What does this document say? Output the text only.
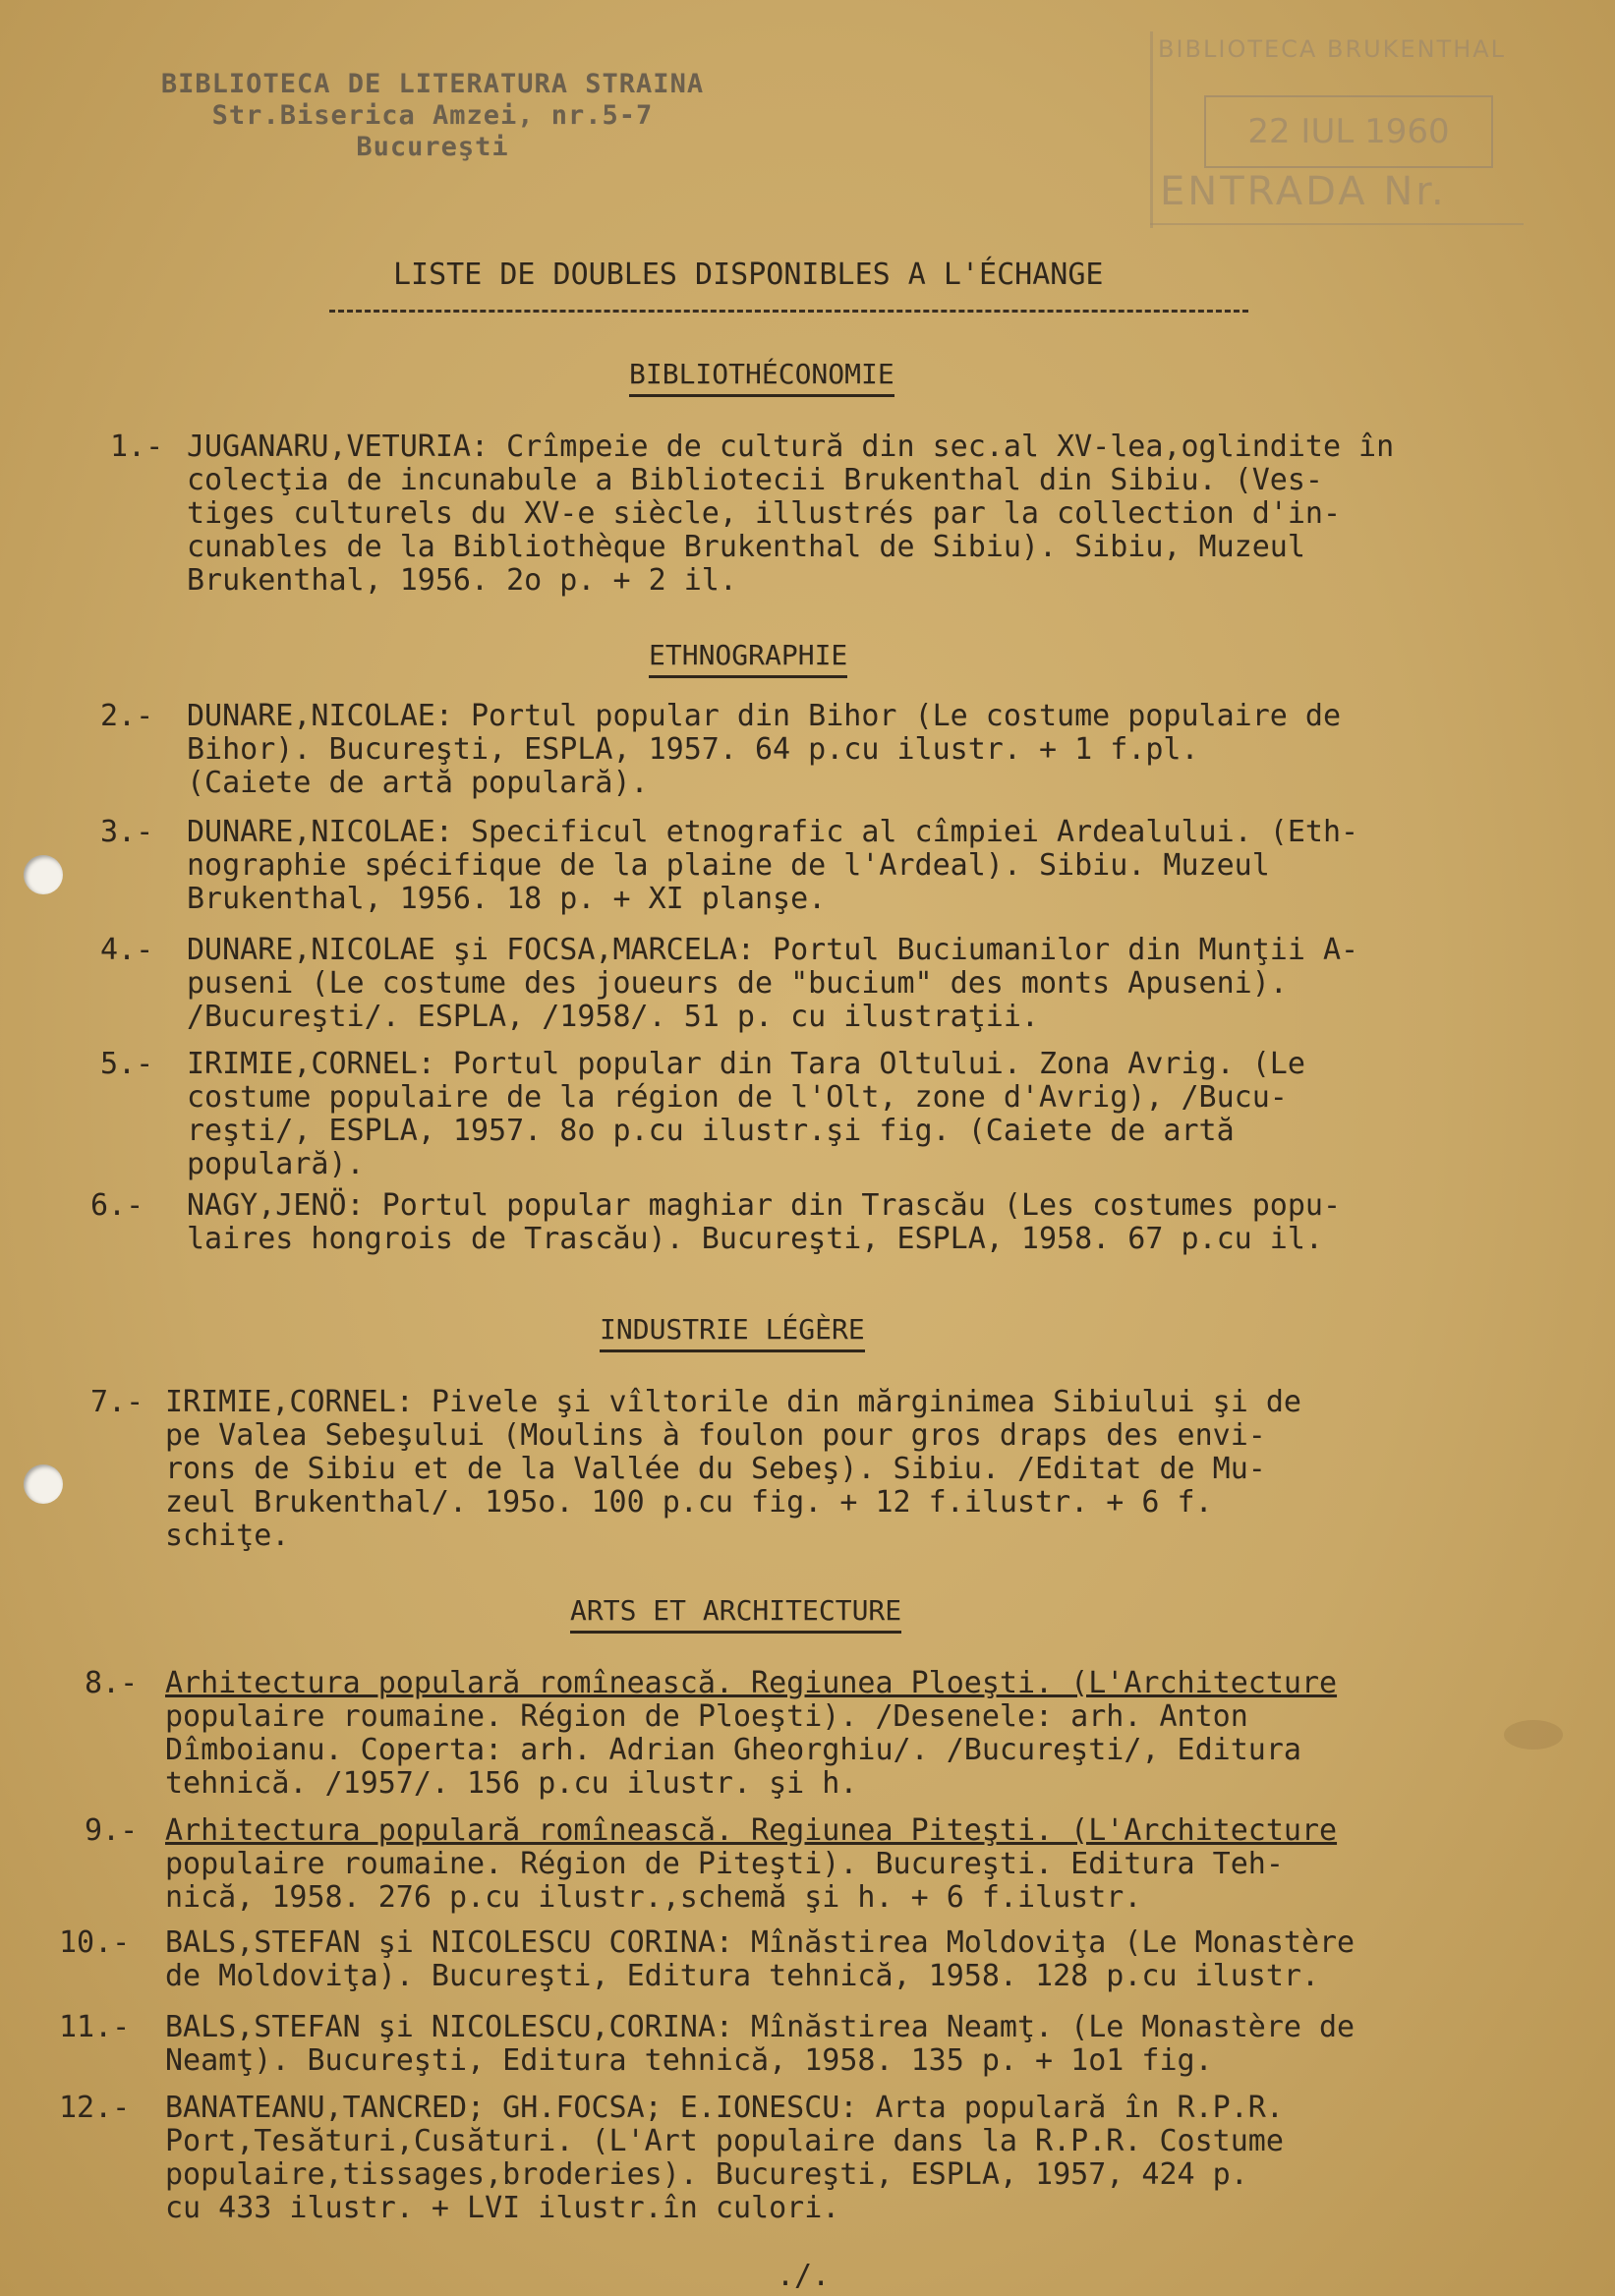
BIBLIOTECA DE LITERATURA STRAINA
Str.Biserica Amzei, nr.5-7
Bucureşti
BIBLIOTECA BRUKENTHAL
22 IUL 1960
ENTRADA Nr.
LISTE DE DOUBLES DISPONIBLES A L'ÉCHANGE
BIBLIOTHÉCONOMIE
ETHNOGRAPHIE
INDUSTRIE LÉGÈRE
ARTS ET ARCHITECTURE
1.- JUGANARU,VETURIA: Crîmpeie de cultură din sec.al XV-lea,oglindite în
colecţia de incunabule a Bibliotecii Brukenthal din Sibiu. (Ves-
tiges culturels du XV-e siècle, illustrés par la collection d'in-
cunables de la Bibliothèque Brukenthal de Sibiu). Sibiu, Muzeul
Brukenthal, 1956. 2o p. + 2 il.
2.- DUNARE,NICOLAE: Portul popular din Bihor (Le costume populaire de
Bihor). Bucureşti, ESPLA, 1957. 64 p.cu ilustr. + 1 f.pl.
(Caiete de artă populară).
3.- DUNARE,NICOLAE: Specificul etnografic al cîmpiei Ardealului. (Eth-
nographie spécifique de la plaine de l'Ardeal). Sibiu. Muzeul
Brukenthal, 1956. 18 p. + XI planşe.
4.- DUNARE,NICOLAE şi FOCSA,MARCELA: Portul Buciumanilor din Munţii A-
puseni (Le costume des joueurs de "bucium" des monts Apuseni).
/Bucureşti/. ESPLA, /1958/. 51 p. cu ilustraţii.
5.- IRIMIE,CORNEL: Portul popular din Tara Oltului. Zona Avrig. (Le
costume populaire de la région de l'Olt, zone d'Avrig), /Bucu-
reşti/, ESPLA, 1957. 8o p.cu ilustr.şi fig. (Caiete de artă
populară).
6.- NAGY,JENÖ: Portul popular maghiar din Trascău (Les costumes popu-
laires hongrois de Trascău). Bucureşti, ESPLA, 1958. 67 p.cu il.
7.- IRIMIE,CORNEL: Pivele şi vîltorile din mărginimea Sibiului şi de
pe Valea Sebeşului (Moulins à foulon pour gros draps des envi-
rons de Sibiu et de la Vallée du Sebeş). Sibiu. /Editat de Mu-
zeul Brukenthal/. 195o. 100 p.cu fig. + 12 f.ilustr. + 6 f.
schiţe.
8.- Arhitectura populară romînească. Regiunea Ploeşti. (L'Architecture
populaire roumaine. Région de Ploeşti). /Desenele: arh. Anton
Dîmboianu. Coperta: arh. Adrian Gheorghiu/. /Bucureşti/, Editura
tehnică. /1957/. 156 p.cu ilustr. şi h.
9.- Arhitectura populară romînească. Regiunea Piteşti. (L'Architecture
populaire roumaine. Région de Piteşti). Bucureşti. Editura Teh-
nică, 1958. 276 p.cu ilustr.,schemă şi h. + 6 f.ilustr.
10.- BALS,STEFAN şi NICOLESCU CORINA: Mînăstirea Moldoviţa (Le Monastère
de Moldoviţa). Bucureşti, Editura tehnică, 1958. 128 p.cu ilustr.
11.- BALS,STEFAN şi NICOLESCU,CORINA: Mînăstirea Neamţ. (Le Monastère de
Neamţ). Bucureşti, Editura tehnică, 1958. 135 p. + 1o1 fig.
12.- BANATEANU,TANCRED; GH.FOCSA; E.IONESCU: Arta populară în R.P.R.
Port,Tesături,Cusături. (L'Art populaire dans la R.P.R. Costume
populaire,tissages,broderies). Bucureşti, ESPLA, 1957, 424 p.
cu 433 ilustr. + LVI ilustr.în culori.
./.
